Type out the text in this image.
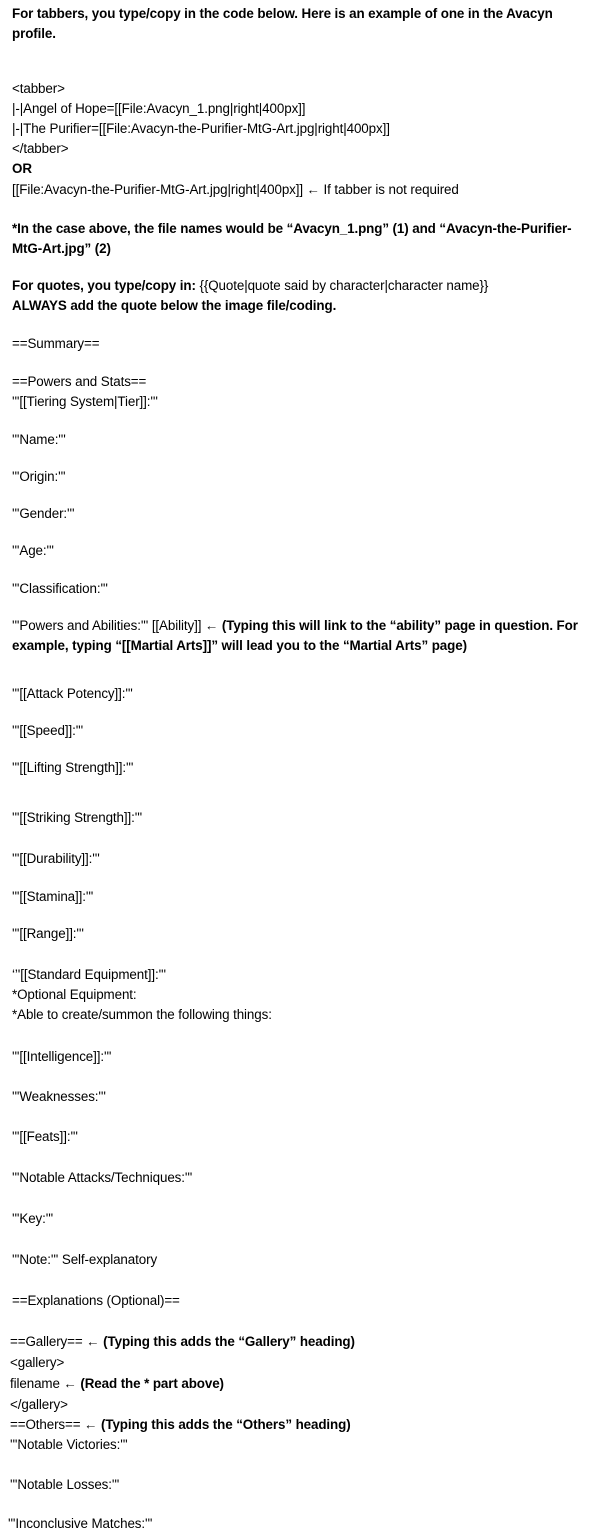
For tabbers, you type/copy in the code below. Here is an example of one in the Avacyn profile.
<tabber>
|-|Angel of Hope=[[File:Avacyn_1.png|right|400px]]
|-|The Purifier=[[File:Avacyn-the-Purifier-MtG-Art.jpg|right|400px]]
</tabber>
OR
[[File:Avacyn-the-Purifier-MtG-Art.jpg|right|400px]] ← If tabber is not required
*In the case above, the file names would be “Avacyn_1.png” (1) and “Avacyn-the-Purifier-MtG-Art.jpg” (2)
For quotes, you type/copy in: {{Quote|quote said by character|character name}}
ALWAYS add the quote below the image file/coding.
==Summary==
==Powers and Stats==
'''[[Tiering System|Tier]]:'''
'''Name:'''
'''Origin:'''
'''Gender:'''
'''Age:'''
'''Classification:'''
'''Powers and Abilities:''' [[Ability]] ← (Typing this will link to the “ability” page in question. For example, typing “[[Martial Arts]]” will lead you to the “Martial Arts” page)
'''[[Attack Potency]]:'''
'''[[Speed]]:'''
'''[[Lifting Strength]]:'''
'''[[Striking Strength]]:'''
'''[[Durability]]:'''
'''[[Stamina]]:'''
'''[[Range]]:'''
‘’'[[Standard Equipment]]:'''
*Optional Equipment:
*Able to create/summon the following things:
'''[[Intelligence]]:'''
'''Weaknesses:'''
'''[[Feats]]:'''
'''Notable Attacks/Techniques:'''
'''Key:'''
'''Note:''' Self-explanatory
==Explanations (Optional)==
==Gallery== ← (Typing this adds the “Gallery” heading)
<gallery>
filename ← (Read the * part above)
</gallery>
==Others== ← (Typing this adds the “Others” heading)
'''Notable Victories:'''
'''Notable Losses:'''
'''Inconclusive Matches:'''
